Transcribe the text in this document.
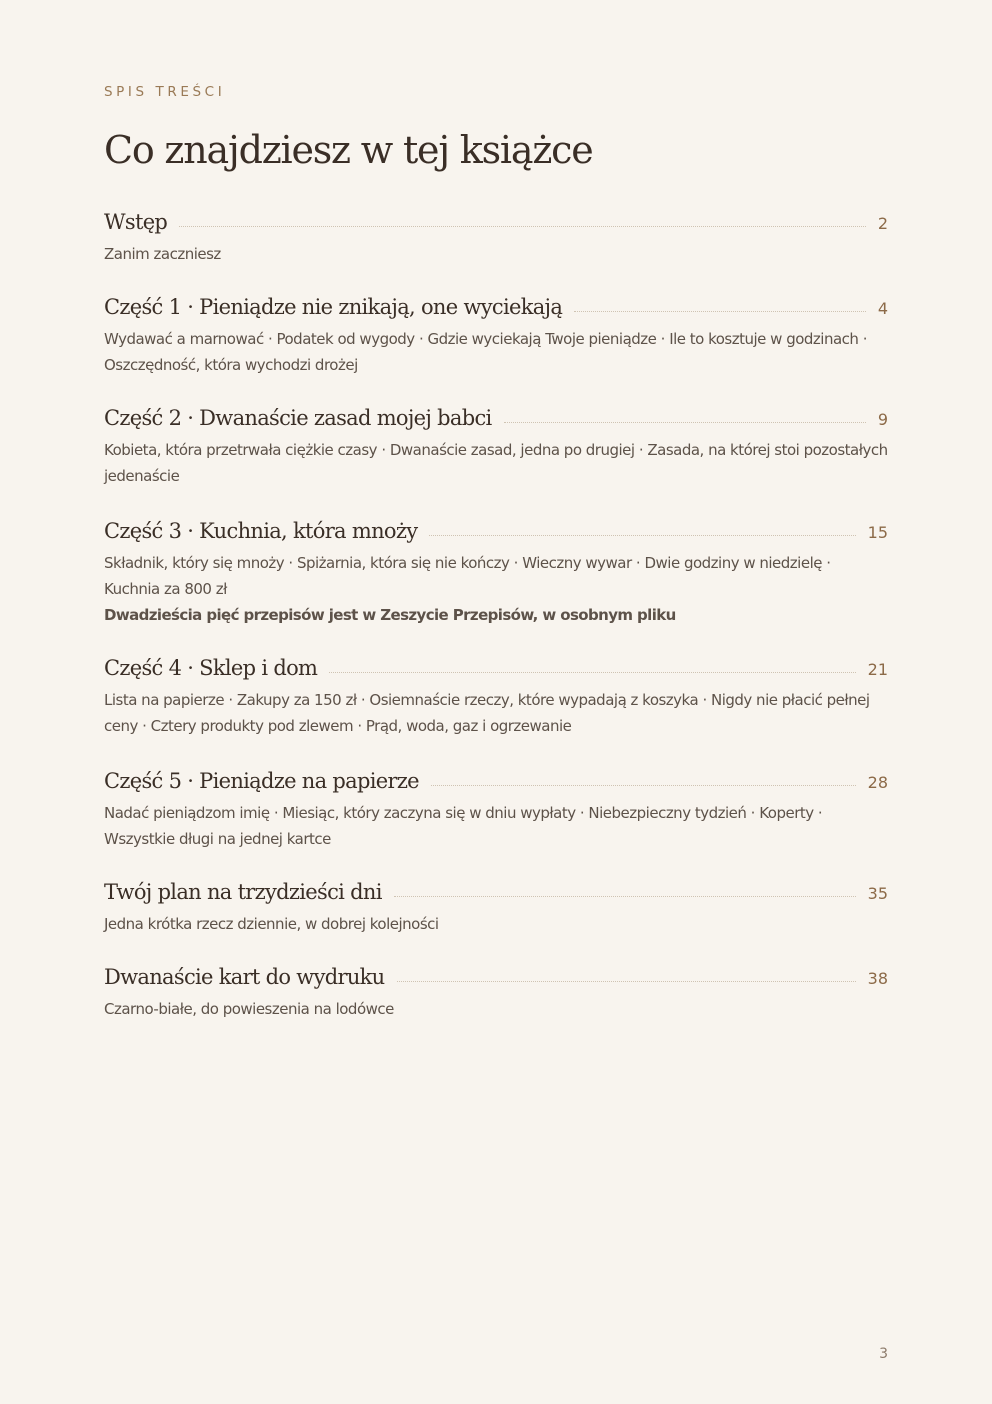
SPIS TREŚCI
Co znajdziesz w tej książce
Wstęp	2
Zanim zaczniesz
Część 1 · Pieniądze nie znikają, one wyciekają	4
Wydawać a marnować · Podatek od wygody · Gdzie wyciekają Twoje pieniądze · Ile to kosztuje w godzinach · Oszczędność, która wychodzi drożej
Część 2 · Dwanaście zasad mojej babci	9
Kobieta, która przetrwała ciężkie czasy · Dwanaście zasad, jedna po drugiej · Zasada, na której stoi pozostałych jedenaście
Część 3 · Kuchnia, która mnoży	15
Składnik, który się mnoży · Spiżarnia, która się nie kończy · Wieczny wywar · Dwie godziny w niedzielę · Kuchnia za 800 zł
Dwadzieścia pięć przepisów jest w Zeszycie Przepisów, w osobnym pliku
Część 4 · Sklep i dom	21
Lista na papierze · Zakupy za 150 zł · Osiemnaście rzeczy, które wypadają z koszyka · Nigdy nie płacić pełnej ceny · Cztery produkty pod zlewem · Prąd, woda, gaz i ogrzewanie
Część 5 · Pieniądze na papierze	28
Nadać pieniądzom imię · Miesiąc, który zaczyna się w dniu wypłaty · Niebezpieczny tydzień · Koperty · Wszystkie długi na jednej kartce
Twój plan na trzydzieści dni	35
Jedna krótka rzecz dziennie, w dobrej kolejności
Dwanaście kart do wydruku	38
Czarno-białe, do powieszenia na lodówce
3
